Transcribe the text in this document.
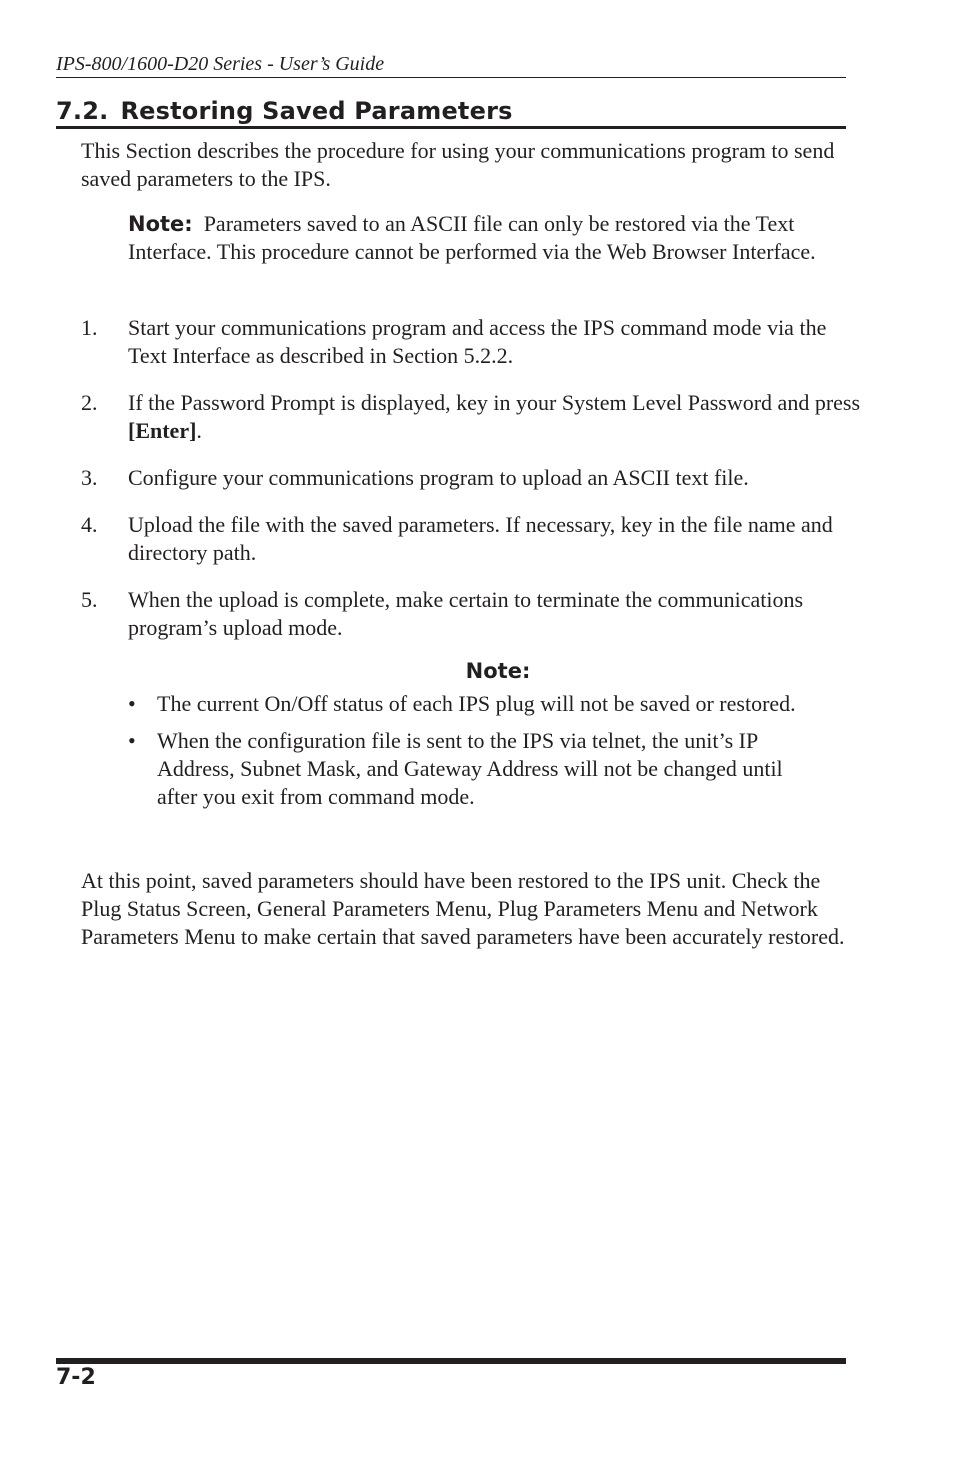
IPS-800/1600-D20 Series - User’s Guide
7.2. Restoring Saved Parameters
This Section describes the procedure for using your communications program to send saved parameters to the IPS.
Note: Parameters saved to an ASCII file can only be restored via the Text Interface. This procedure cannot be performed via the Web Browser Interface.
1. Start your communications program and access the IPS command mode via the Text Interface as described in Section 5.2.2.
2. If the Password Prompt is displayed, key in your System Level Password and press [Enter].
3. Configure your communications program to upload an ASCII text file.
4. Upload the file with the saved parameters. If necessary, key in the file name and directory path.
5. When the upload is complete, make certain to terminate the communications program’s upload mode.
Note:
• The current On/Off status of each IPS plug will not be saved or restored.
• When the configuration file is sent to the IPS via telnet, the unit’s IP Address, Subnet Mask, and Gateway Address will not be changed until after you exit from command mode.
At this point, saved parameters should have been restored to the IPS unit. Check the Plug Status Screen, General Parameters Menu, Plug Parameters Menu and Network Parameters Menu to make certain that saved parameters have been accurately restored.
7-2
